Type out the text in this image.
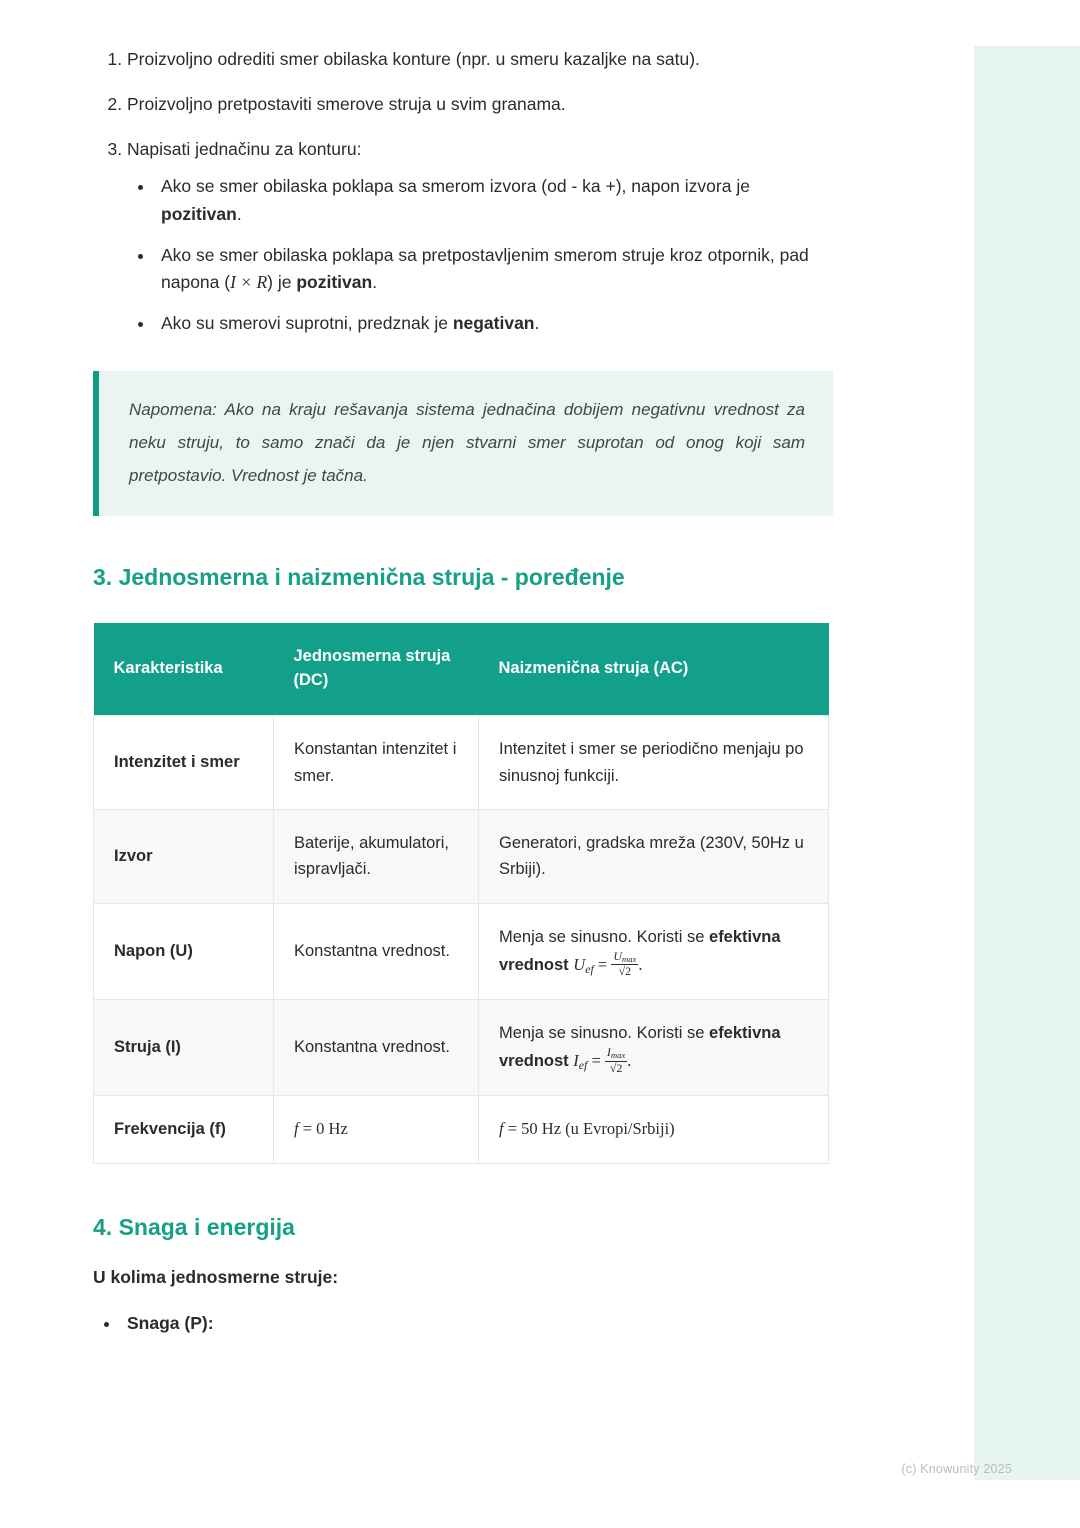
1. Proizvoljno odrediti smer obilaska konture (npr. u smeru kazaljke na satu).
2. Proizvoljno pretpostaviti smerove struja u svim granama.
3. Napisati jednačinu za konturu:
• Ako se smer obilaska poklapa sa smerom izvora (od - ka +), napon izvora je pozitivan.
• Ako se smer obilaska poklapa sa pretpostavljenim smerom struje kroz otpornik, pad napona (I × R) je pozitivan.
• Ako su smerovi suprotni, predznak je negativan.

Napomena: Ako na kraju rešavanja sistema jednačina dobijem negativnu vrednost za neku struju, to samo znači da je njen stvarni smer suprotan od onog koji sam pretpostavio. Vrednost je tačna.

3. Jednosmerna i naizmenična struja - poređenje
Karakteristika	Jednosmerna struja (DC)	Naizmenična struja (AC)
Intenzitet i smer	Konstantan intenzitet i smer.	Intenzitet i smer se periodično menjaju po sinusnoj funkciji.
Izvor	Baterije, akumulatori, ispravljači.	Generatori, gradska mreža (230V, 50Hz u Srbiji).
Napon (U)	Konstantna vrednost.	Menja se sinusno. Koristi se efektivna vrednost $U_{ef} = \frac{U_{max}}{√2}$ .
Struja (I)	Konstantna vrednost.	Menja se sinusno. Koristi se efektivna vrednost $I_{ef} = \frac{I_{max}}{√2}$ .
Frekvencija (f)	f = 0 Hz	f = 50 Hz (u Evropi/Srbiji)
4. Snaga i energija

U kolima jednosmerne struje:

• Snaga (P):
(c) Knowunity 2025
